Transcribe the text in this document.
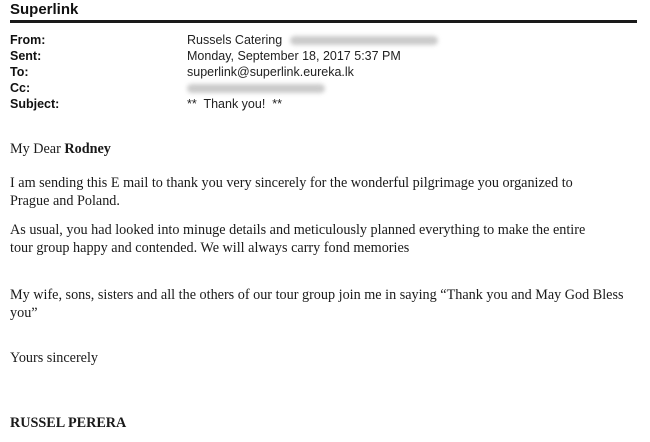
Superlink
From:	Russels Catering
Sent:	Monday, September 18, 2017 5:37 PM
To:	superlink@superlink.eureka.lk
Cc:
Subject:	**  Thank you!  **
My Dear Rodney
I am sending this E mail to thank you very sincerely for the wonderful pilgrimage you organized to
Prague and Poland.
As usual, you had looked into minuge details and meticulously planned everything to make the entire
tour group happy and contended. We will always carry fond memories
My wife, sons, sisters and all the others of our tour group join me in saying “Thank you and May God Bless
you”
Yours sincerely
RUSSEL PERERA
